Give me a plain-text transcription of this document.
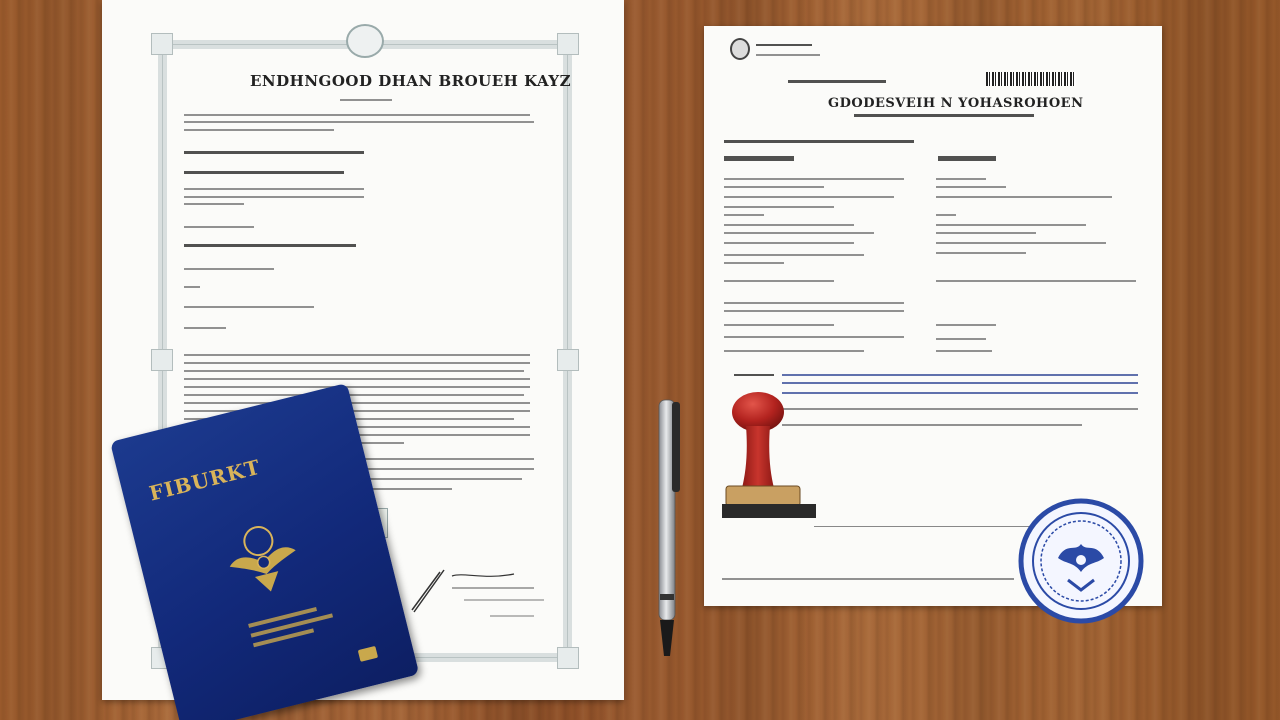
ENDHNGOOD DHAN BROUEH KAYZ
FIBURKT
GDODESVEIH N YOHASROHOEN
